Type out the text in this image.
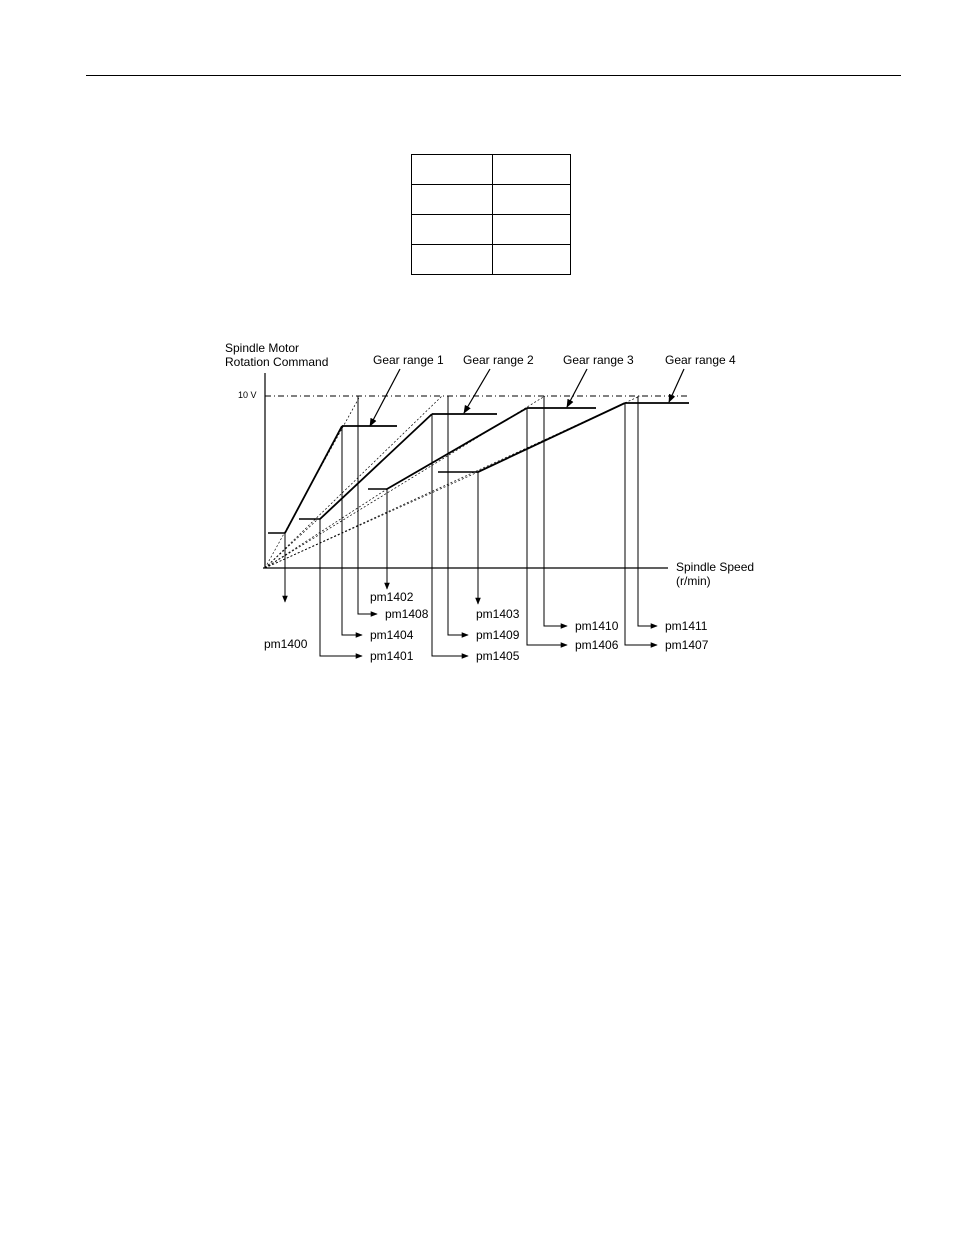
Spindle Motor
Rotation Command
10 V
Gear range 1 Gear range 2 Gear range 3	Gear range 4
Spindle Speed
(r/min)
pm1400
pm1401
pm1402
pm1403
pm1404
pm1405
pm1406	pm1407
pm1408
pm1409
pm1410	pm1411
